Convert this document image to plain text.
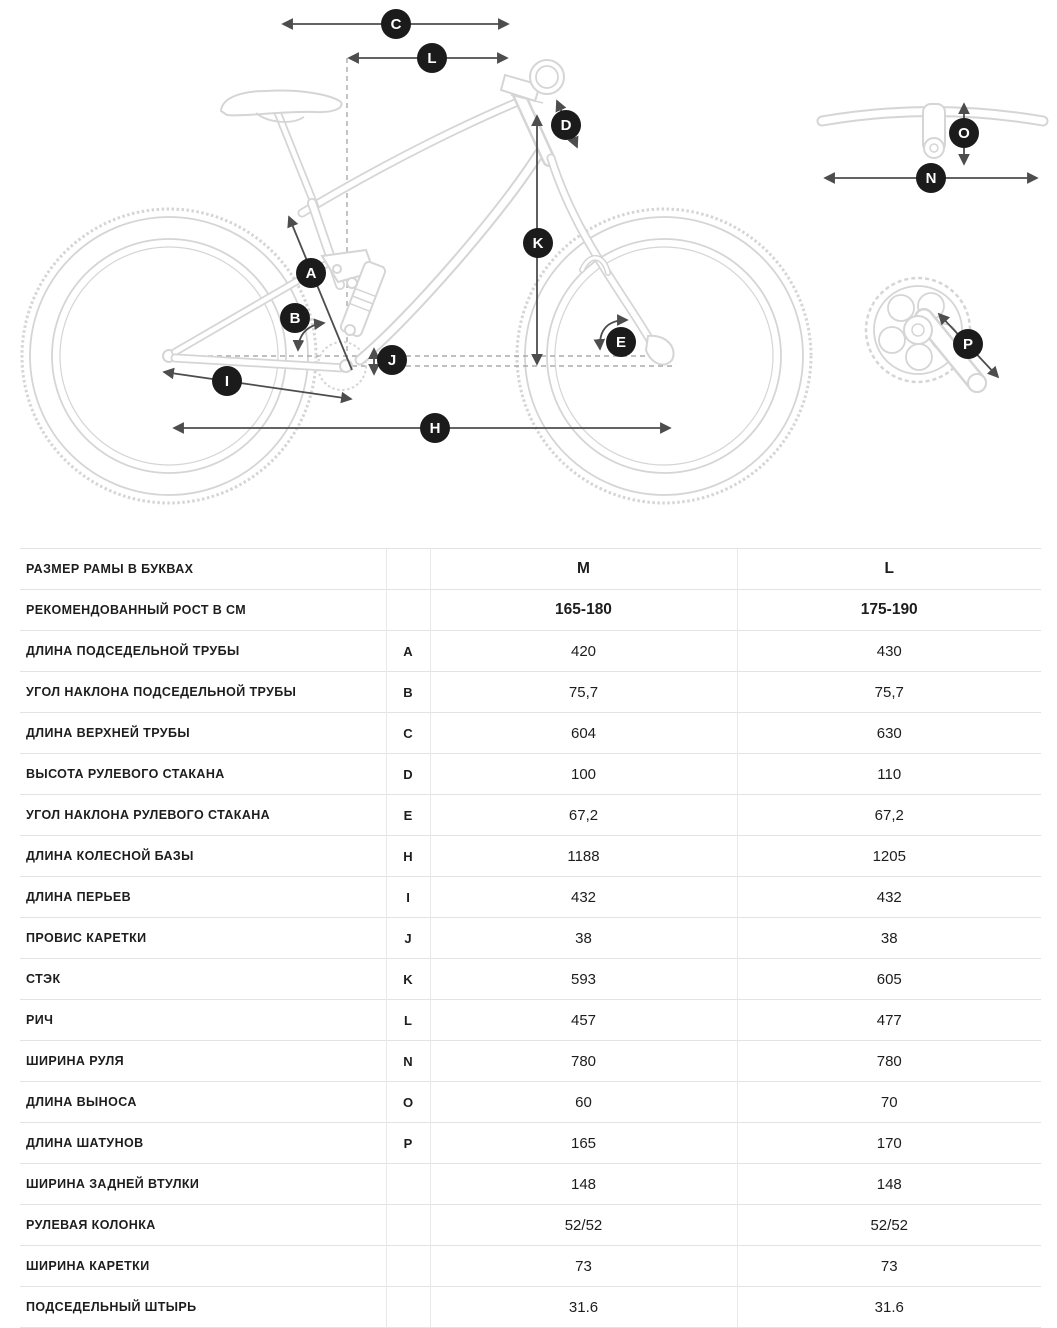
C
L
D
K
A
B
E
J
I
H
O
N
P
РАЗМЕР РАМЫ В БУКВАХ		M	L
РЕКОМЕНДОВАННЫЙ РОСТ В СМ		165-180	175-190
ДЛИНА ПОДСЕДЕЛЬНОЙ ТРУБЫ	A	420	430
УГОЛ НАКЛОНА ПОДСЕДЕЛЬНОЙ ТРУБЫ	B	75,7	75,7
ДЛИНА ВЕРХНЕЙ ТРУБЫ	C	604	630
ВЫСОТА РУЛЕВОГО СТАКАНА	D	100	110
УГОЛ НАКЛОНА РУЛЕВОГО СТАКАНА	E	67,2	67,2
ДЛИНА КОЛЕСНОЙ БАЗЫ	H	1188	1205
ДЛИНА ПЕРЬЕВ	I	432	432
ПРОВИС КАРЕТКИ	J	38	38
СТЭК	K	593	605
РИЧ	L	457	477
ШИРИНА РУЛЯ	N	780	780
ДЛИНА ВЫНОСА	O	60	70
ДЛИНА ШАТУНОВ	P	165	170
ШИРИНА ЗАДНЕЙ ВТУЛКИ		148	148
РУЛЕВАЯ КОЛОНКА		52/52	52/52
ШИРИНА КАРЕТКИ		73	73
ПОДСЕДЕЛЬНЫЙ ШТЫРЬ		31.6	31.6
